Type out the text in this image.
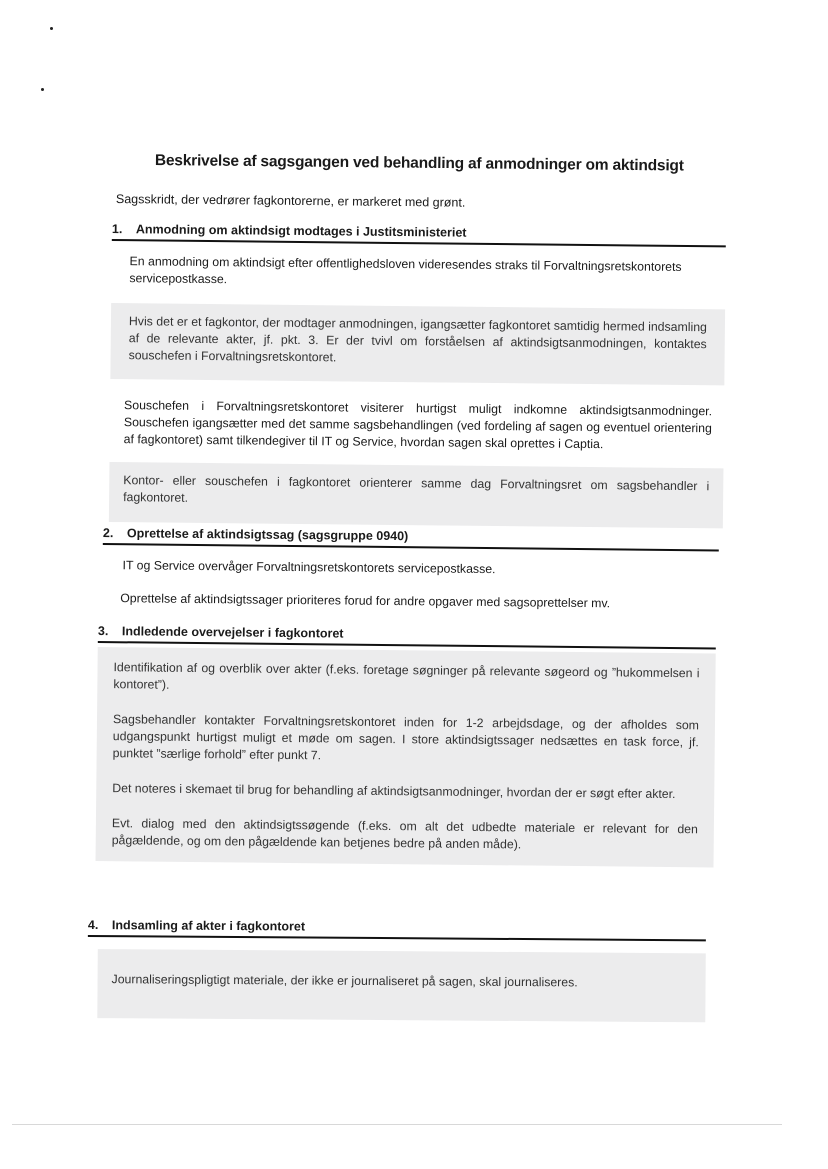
Beskrivelse af sagsgangen ved behandling af anmodninger om aktindsigt
Sagsskridt, der vedrører fagkontorerne, er markeret med grønt.
1. Anmodning om aktindsigt modtages i Justitsministeriet
En anmodning om aktindsigt efter offentlighedsloven videresendes straks til Forvaltningsretskontorets servicepostkasse.
Hvis det er et fagkontor, der modtager anmodningen, igangsætter fagkontoret samtidig hermed indsamling af de relevante akter, jf. pkt. 3. Er der tvivl om forståelsen af aktindsigtsanmodningen, kontaktes souschefen i Forvaltningsretskontoret.
Souschefen i Forvaltningsretskontoret visiterer hurtigst muligt indkomne aktindsigtsanmodninger. Souschefen igangsætter med det samme sagsbehandlingen (ved fordeling af sagen og eventuel orientering af fagkontoret) samt tilkendegiver til IT og Service, hvordan sagen skal oprettes i Captia.
Kontor- eller souschefen i fagkontoret orienterer samme dag Forvaltningsret om sagsbehandler i fagkontoret.
2. Oprettelse af aktindsigtssag (sagsgruppe 0940)
IT og Service overvåger Forvaltningsretskontorets servicepostkasse.
Oprettelse af aktindsigtssager prioriteres forud for andre opgaver med sagsoprettelser mv.
3. Indledende overvejelser i fagkontoret
Identifikation af og overblik over akter (f.eks. foretage søgninger på relevante søgeord og ”hukommelsen i kontoret”).
Sagsbehandler kontakter Forvaltningsretskontoret inden for 1-2 arbejdsdage, og der afholdes som udgangspunkt hurtigst muligt et møde om sagen. I store aktindsigtssager nedsættes en task force, jf. punktet ”særlige forhold” efter punkt 7.
Det noteres i skemaet til brug for behandling af aktindsigtsanmodninger, hvordan der er søgt efter akter.
Evt. dialog med den aktindsigtssøgende (f.eks. om alt det udbedte materiale er relevant for den pågældende, og om den pågældende kan betjenes bedre på anden måde).
4. Indsamling af akter i fagkontoret
Journaliseringspligtigt materiale, der ikke er journaliseret på sagen, skal journaliseres.
